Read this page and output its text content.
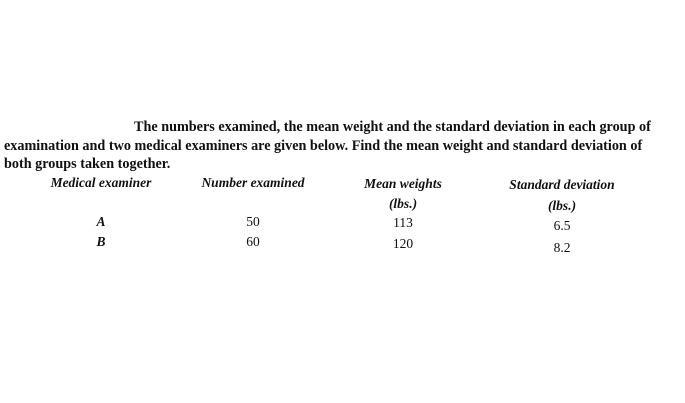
The numbers examined, the mean weight and the standard deviation in each group of
examination and two medical examiners are given below. Find the mean weight and standard deviation of
both groups taken together.
Medical examiner	Number examined	Mean weights	Standard deviation
(lbs.)	(lbs.)
A	50	113	6.5
B	60	120	8.2
